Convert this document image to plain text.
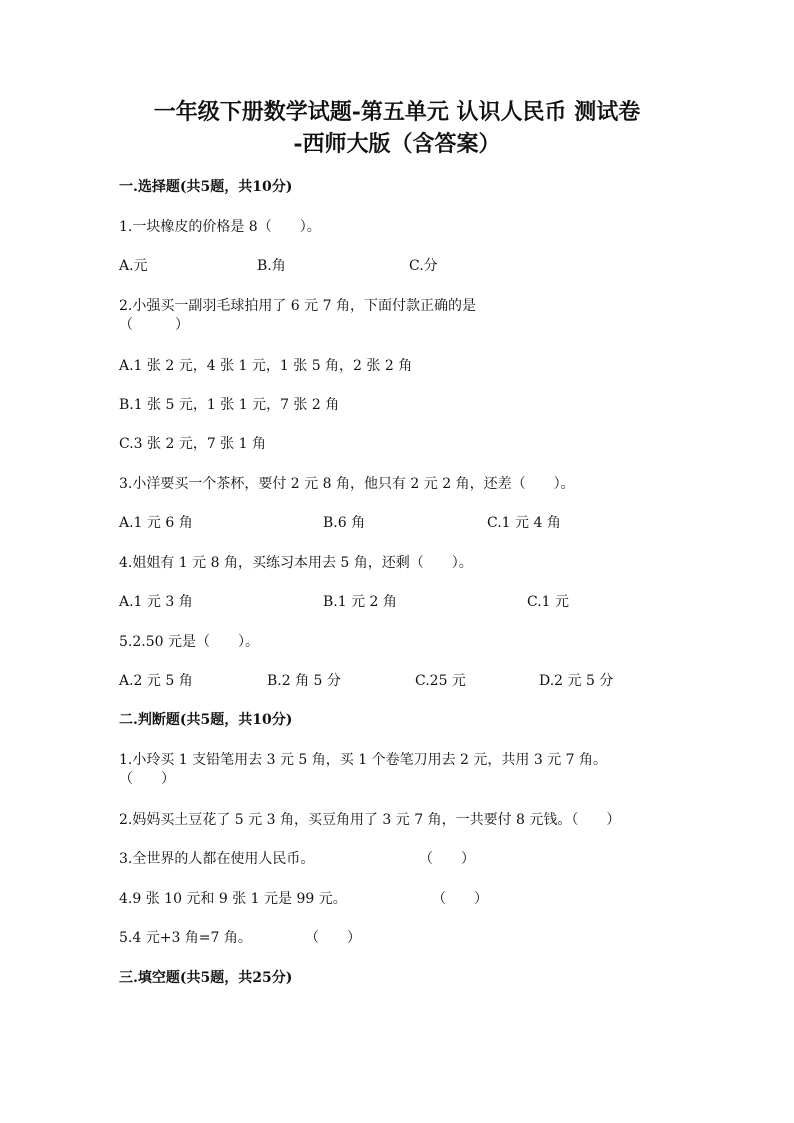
一年级下册数学试题-第五单元 认识人民币 测试卷
-西师大版（含答案）
一.选择题(共5题，共10分)
1.一块橡皮的价格是 8（　　）。
A.元	B.角	C.分
2.小强买一副羽毛球拍用了 6 元 7 角，下面付款正确的是
（　　　）
A.1 张 2 元，4 张 1 元，1 张 5 角，2 张 2 角
B.1 张 5 元，1 张 1 元，7 张 2 角
C.3 张 2 元，7 张 1 角
3.小洋要买一个茶杯，要付 2 元 8 角，他只有 2 元 2 角，还差（　　）。
A.1 元 6 角	B.6 角	C.1 元 4 角
4.姐姐有 1 元 8 角，买练习本用去 5 角，还剩（　　）。
A.1 元 3 角	B.1 元 2 角	C.1 元
5.2.50 元是（　　）。
A.2 元 5 角	B.2 角 5 分	C.25 元	D.2 元 5 分
二.判断题(共5题，共10分)
1.小玲买 1 支铅笔用去 3 元 5 角，买 1 个卷笔刀用去 2 元，共用 3 元 7 角。
（　　）
2.妈妈买土豆花了 5 元 3 角，买豆角用了 3 元 7 角，一共要付 8 元钱。（　　）
3.全世界的人都在使用人民币。	（　　）
4.9 张 10 元和 9 张 1 元是 99 元。	（　　）
5.4 元+3 角=7 角。	（　　）
三.填空题(共5题，共25分)
